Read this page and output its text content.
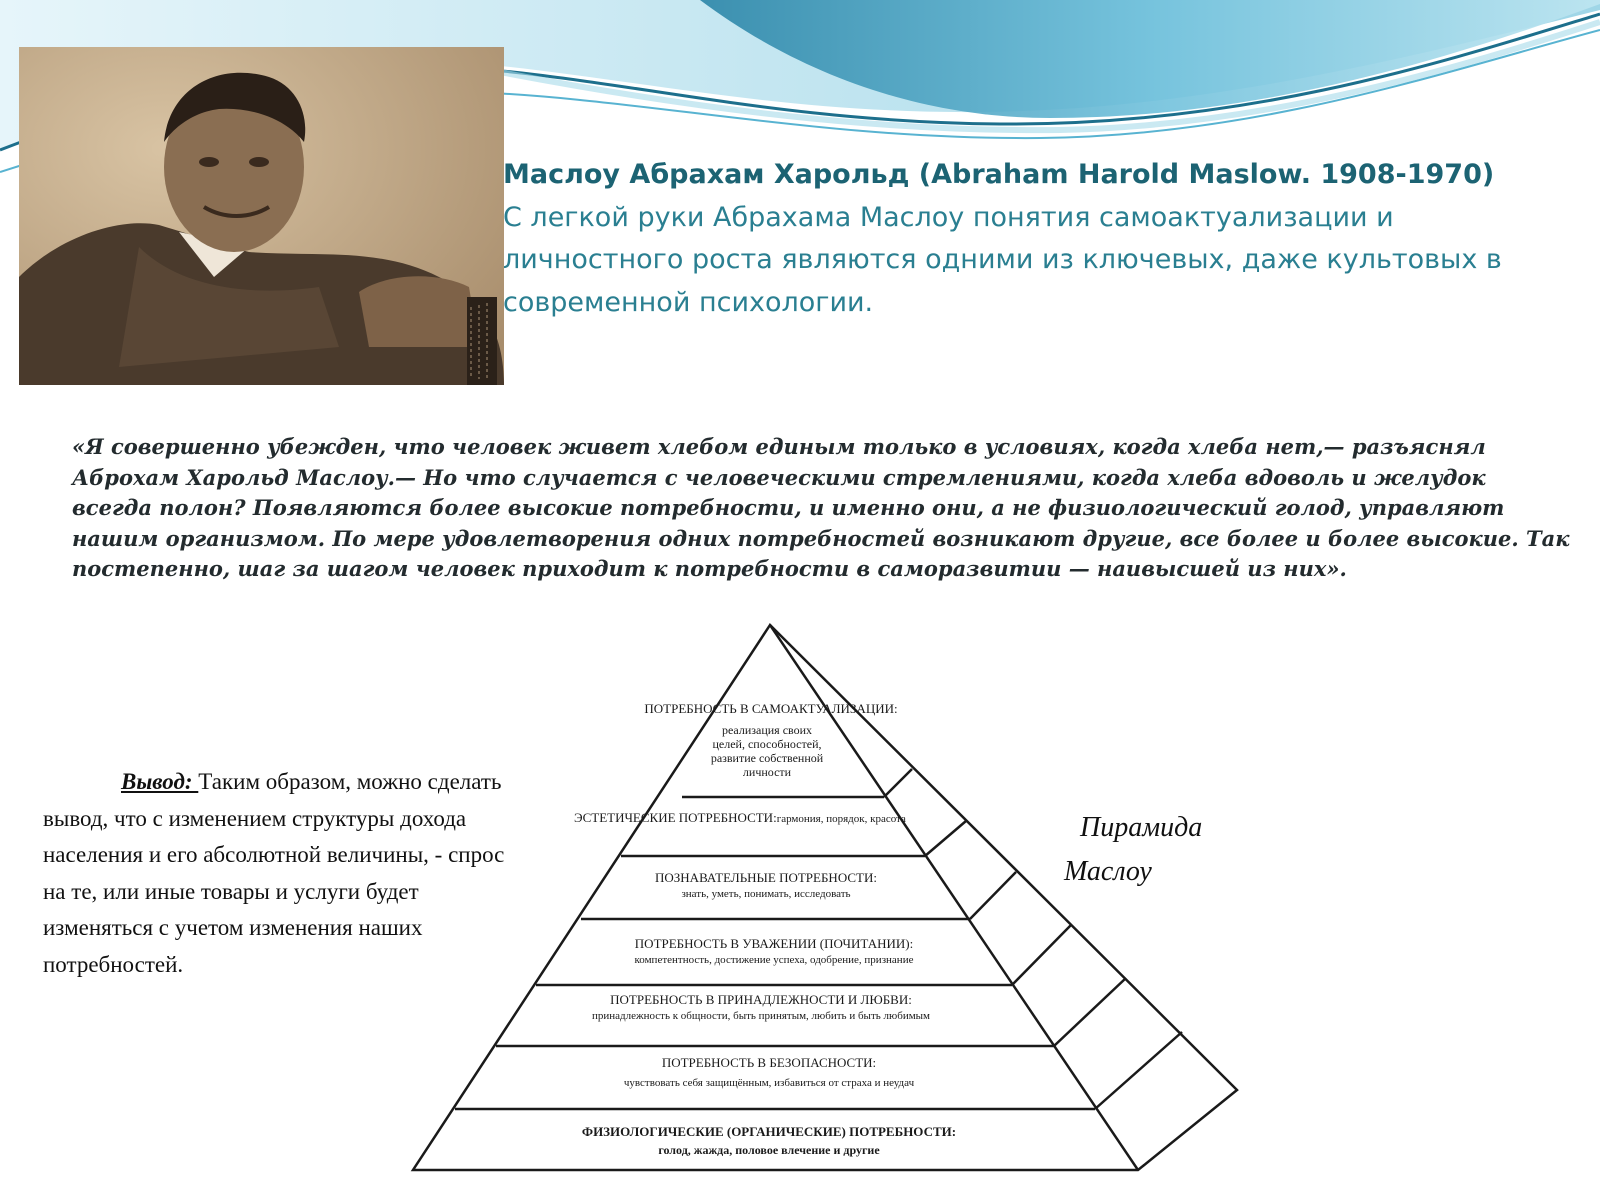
Маслоу Абрахам Харольд (Abraham Harold Maslow. 1908-1970)
С легкой руки Абрахама Маслоу понятия самоактуализации и личностного роста являются одними из ключевых, даже культовых в современной психологии.

«Я совершенно убежден, что человек живет хлебом единым только в условиях, когда хлеба нет,— разъяснял Аброхам Харольд Маслоу.— Но что случается с человеческими стремлениями, когда хлеба вдоволь и желудок всегда полон? Появляются более высокие потребности, и именно они, а не физиологический голод, управляют нашим организмом. По мере удовлетворения одних потребностей возникают другие, все более и более высокие. Так постепенно, шаг за шагом человек приходит к потребности в саморазвитии — наивысшей из них».

Вывод: Таким образом, можно сделать вывод, что с изменением структуры дохода населения и его абсолютной величины, - спрос на те, или иные товары и услуги будет изменяться с учетом изменения наших потребностей.

Пирамида
Маслоу
ПОТРЕБНОСТЬ В САМОАКТУАЛИЗАЦИИ:
реализация своих
целей, способностей,
развитие собственной
личности
ЭСТЕТИЧЕСКИЕ ПОТРЕБНОСТИ:гармония, порядок, красота
ПОЗНАВАТЕЛЬНЫЕ ПОТРЕБНОСТИ:
знать, уметь, понимать, исследовать
ПОТРЕБНОСТЬ В УВАЖЕНИИ (ПОЧИТАНИИ):
компетентность, достижение успеха, одобрение, признание
ПОТРЕБНОСТЬ В ПРИНАДЛЕЖНОСТИ И ЛЮБВИ:
принадлежность к общности, быть принятым, любить и быть любимым
ПОТРЕБНОСТЬ В БЕЗОПАСНОСТИ:
чувствовать себя защищённым, избавиться от страха и неудач
ФИЗИОЛОГИЧЕСКИЕ (ОРГАНИЧЕСКИЕ) ПОТРЕБНОСТИ:
голод, жажда, половое влечение и другие
